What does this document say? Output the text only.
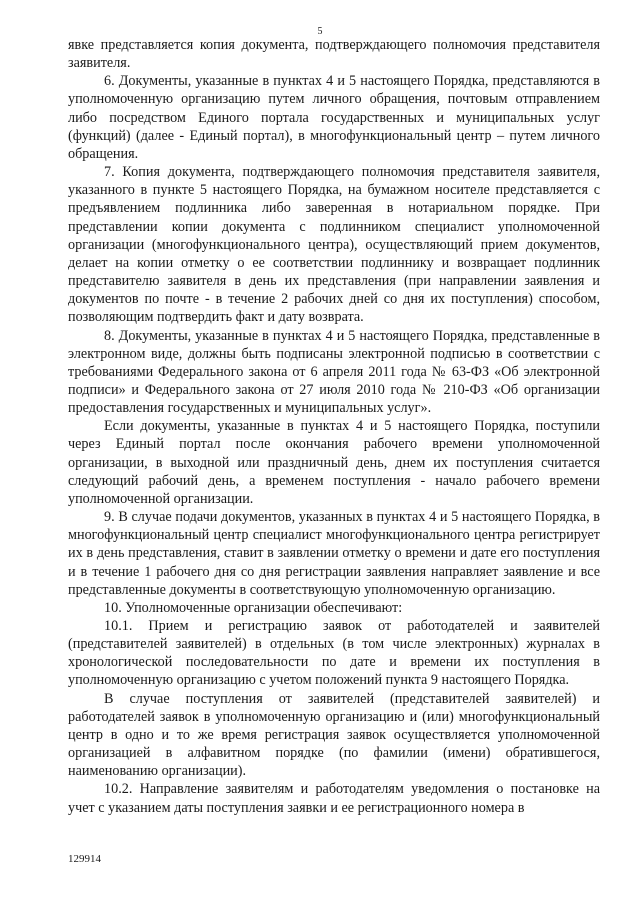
5

явке представляется копия документа, подтверждающего полномочия представителя заявителя.

6. Документы, указанные в пунктах 4 и 5 настоящего Порядка, представляются в уполномоченную организацию путем личного обращения, почтовым отправлением либо посредством Единого портала государственных и муниципальных услуг (функций) (далее - Единый портал), в многофункциональный центр – путем личного обращения.

7. Копия документа, подтверждающего полномочия представителя заявителя, указанного в пункте 5 настоящего Порядка, на бумажном носителе представляется с предъявлением подлинника либо заверенная в нотариальном порядке. При представлении копии документа с подлинником специалист уполномоченной организации (многофункционального центра), осуществляющий прием документов, делает на копии отметку о ее соответствии подлиннику и возвращает подлинник представителю заявителя в день их представления (при направлении заявления и документов по почте - в течение 2 рабочих дней со дня их поступления) способом, позволяющим подтвердить факт и дату возврата.

8. Документы, указанные в пунктах 4 и 5 настоящего Порядка, представленные в электронном виде, должны быть подписаны электронной подписью в соответствии с требованиями Федерального закона от 6 апреля 2011 года № 63-ФЗ «Об электронной подписи» и Федерального закона от 27 июля 2010 года № 210-ФЗ «Об организации предоставления государственных и муниципальных услуг».

Если документы, указанные в пунктах 4 и 5 настоящего Порядка, поступили через Единый портал после окончания рабочего времени уполномоченной организации, в выходной или праздничный день, днем их поступления считается следующий рабочий день, а временем поступления - начало рабочего времени уполномоченной организации.

9. В случае подачи документов, указанных в пунктах 4 и 5 настоящего Порядка, в многофункциональный центр специалист многофункционального центра регистрирует их в день представления, ставит в заявлении отметку о времени и дате его поступления и в течение 1 рабочего дня со дня регистрации заявления направляет заявление и все представленные документы в соответствующую уполномоченную организацию.

10. Уполномоченные организации обеспечивают:

10.1. Прием и регистрацию заявок от работодателей и заявителей (представителей заявителей) в отдельных (в том числе электронных) журналах в хронологической последовательности по дате и времени их поступления в уполномоченную организацию с учетом положений пункта 9 настоящего Порядка.

В случае поступления от заявителей (представителей заявителей) и работодателей заявок в уполномоченную организацию и (или) многофункциональный центр в одно и то же время регистрация заявок осуществляется уполномоченной организацией в алфавитном порядке (по фамилии (имени) обратившегося, наименованию организации).

10.2. Направление заявителям и работодателям уведомления о постановке на учет с указанием даты поступления заявки и ее регистрационного номера в

129914
